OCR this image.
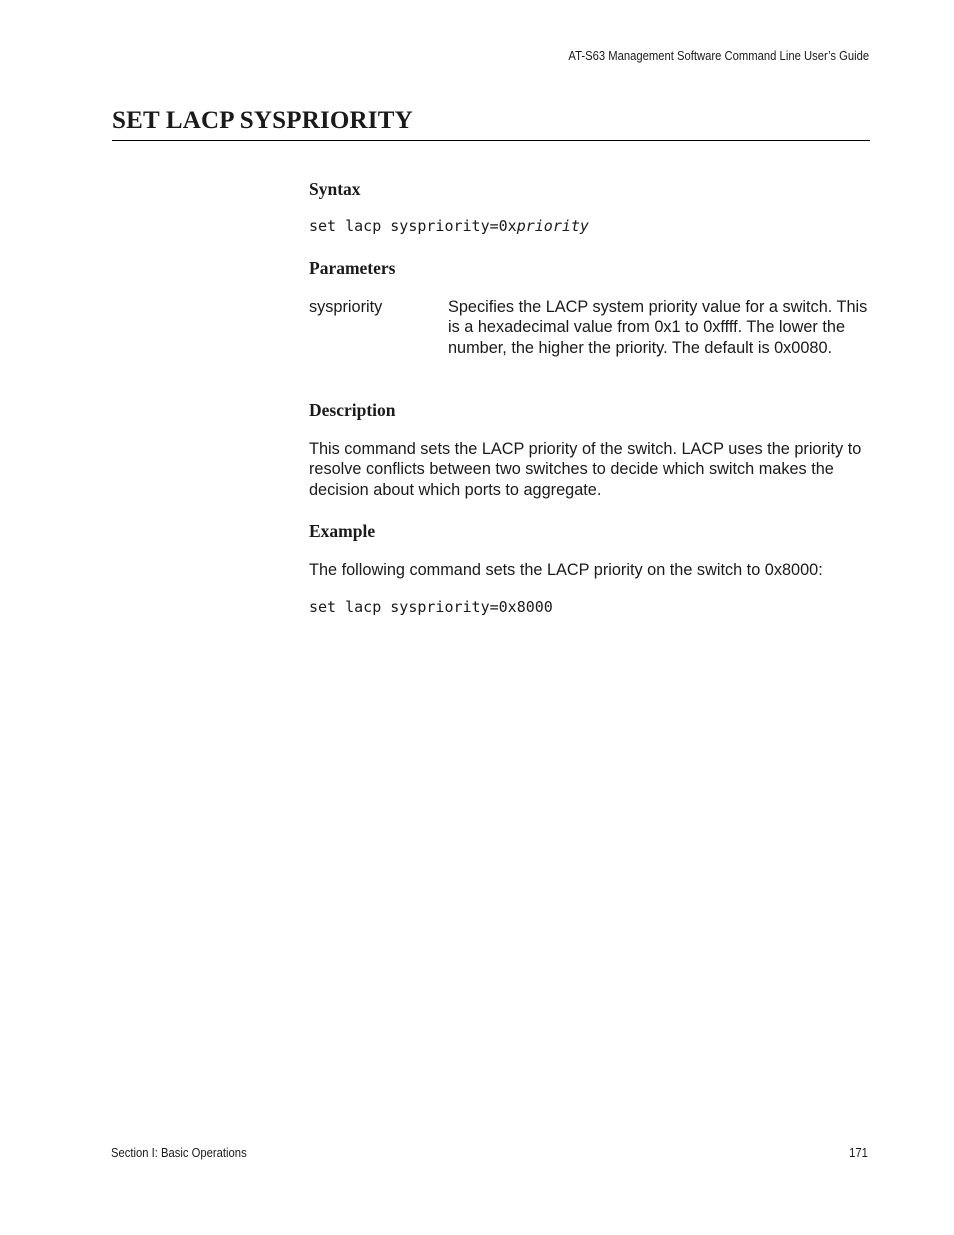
AT-S63 Management Software Command Line User’s Guide
SET LACP SYSPRIORITY
Syntax
set lacp syspriority=0xpriority
Parameters
syspriority	Specifies the LACP system priority value for a switch. This is a hexadecimal value from 0x1 to 0xffff. The lower the number, the higher the priority. The default is 0x0080.
Description

This command sets the LACP priority of the switch. LACP uses the priority to resolve conflicts between two switches to decide which switch makes the decision about which ports to aggregate.

Example

The following command sets the LACP priority on the switch to 0x8000:

set lacp syspriority=0x8000
Section I: Basic Operations	171
